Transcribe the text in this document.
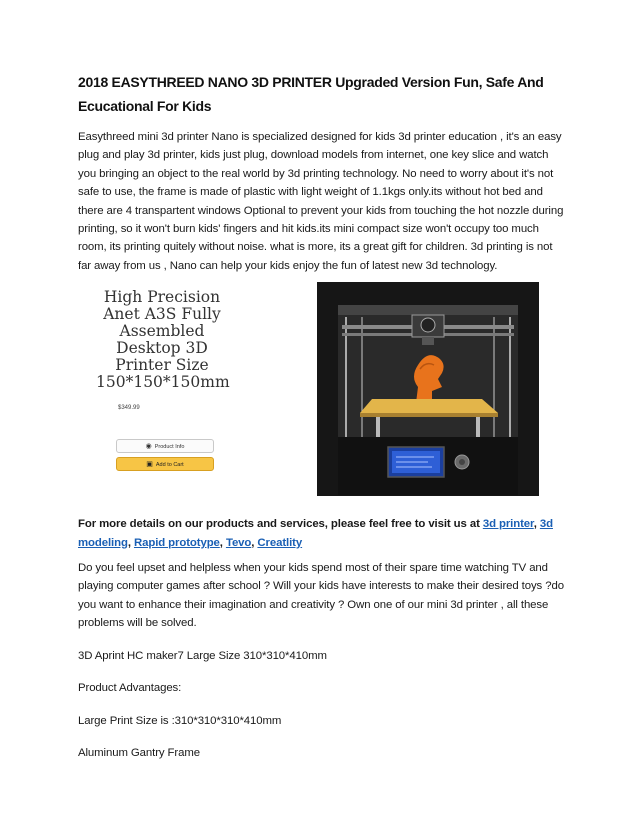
2018 EASYTHREED NANO 3D PRINTER Upgraded Version Fun, Safe And Ecucational For Kids

Easythreed mini 3d printer Nano is specialized designed for kids 3d printer education , it's an easy plug and play 3d printer, kids just plug, download models from internet, one key slice and watch you bringing an object to the real world by 3d printing technology. No need to worry about it's not safe to use, the frame is made of plastic with light weight of 1.1kgs only.its without hot bed and there are 4 transpartent windows Optional to prevent your kids from touching the hot nozzle during printing, so it won't burn kids' fingers and hit kids.its mini compact size won't occupy too much room, its printing quitely without noise. what is more, its a great gift for children. 3d printing is not far away from us , Nano can help your kids enjoy the fun of latest new 3d technology.

High Precision
Anet A3S Fully
Assembled
Desktop 3D
Printer Size
150*150*150mm
$349.99
◉ Product Info
▣ Add to Cart

For more details on our products and services, please feel free to visit us at 3d printer, 3d modeling, Rapid prototype, Tevo, Creatlity

Do you feel upset and helpless when your kids spend most of their spare time watching TV and playing computer games after school ? Will your kids have interests to make their desired toys ?do you want to enhance their imagination and creativity ? Own one of our mini 3d printer , all these problems will be solved.

3D Aprint HC maker7 Large Size 310*310*410mm

Product Advantages:

Large Print Size is :310*310*310*410mm

Aluminum Gantry Frame
